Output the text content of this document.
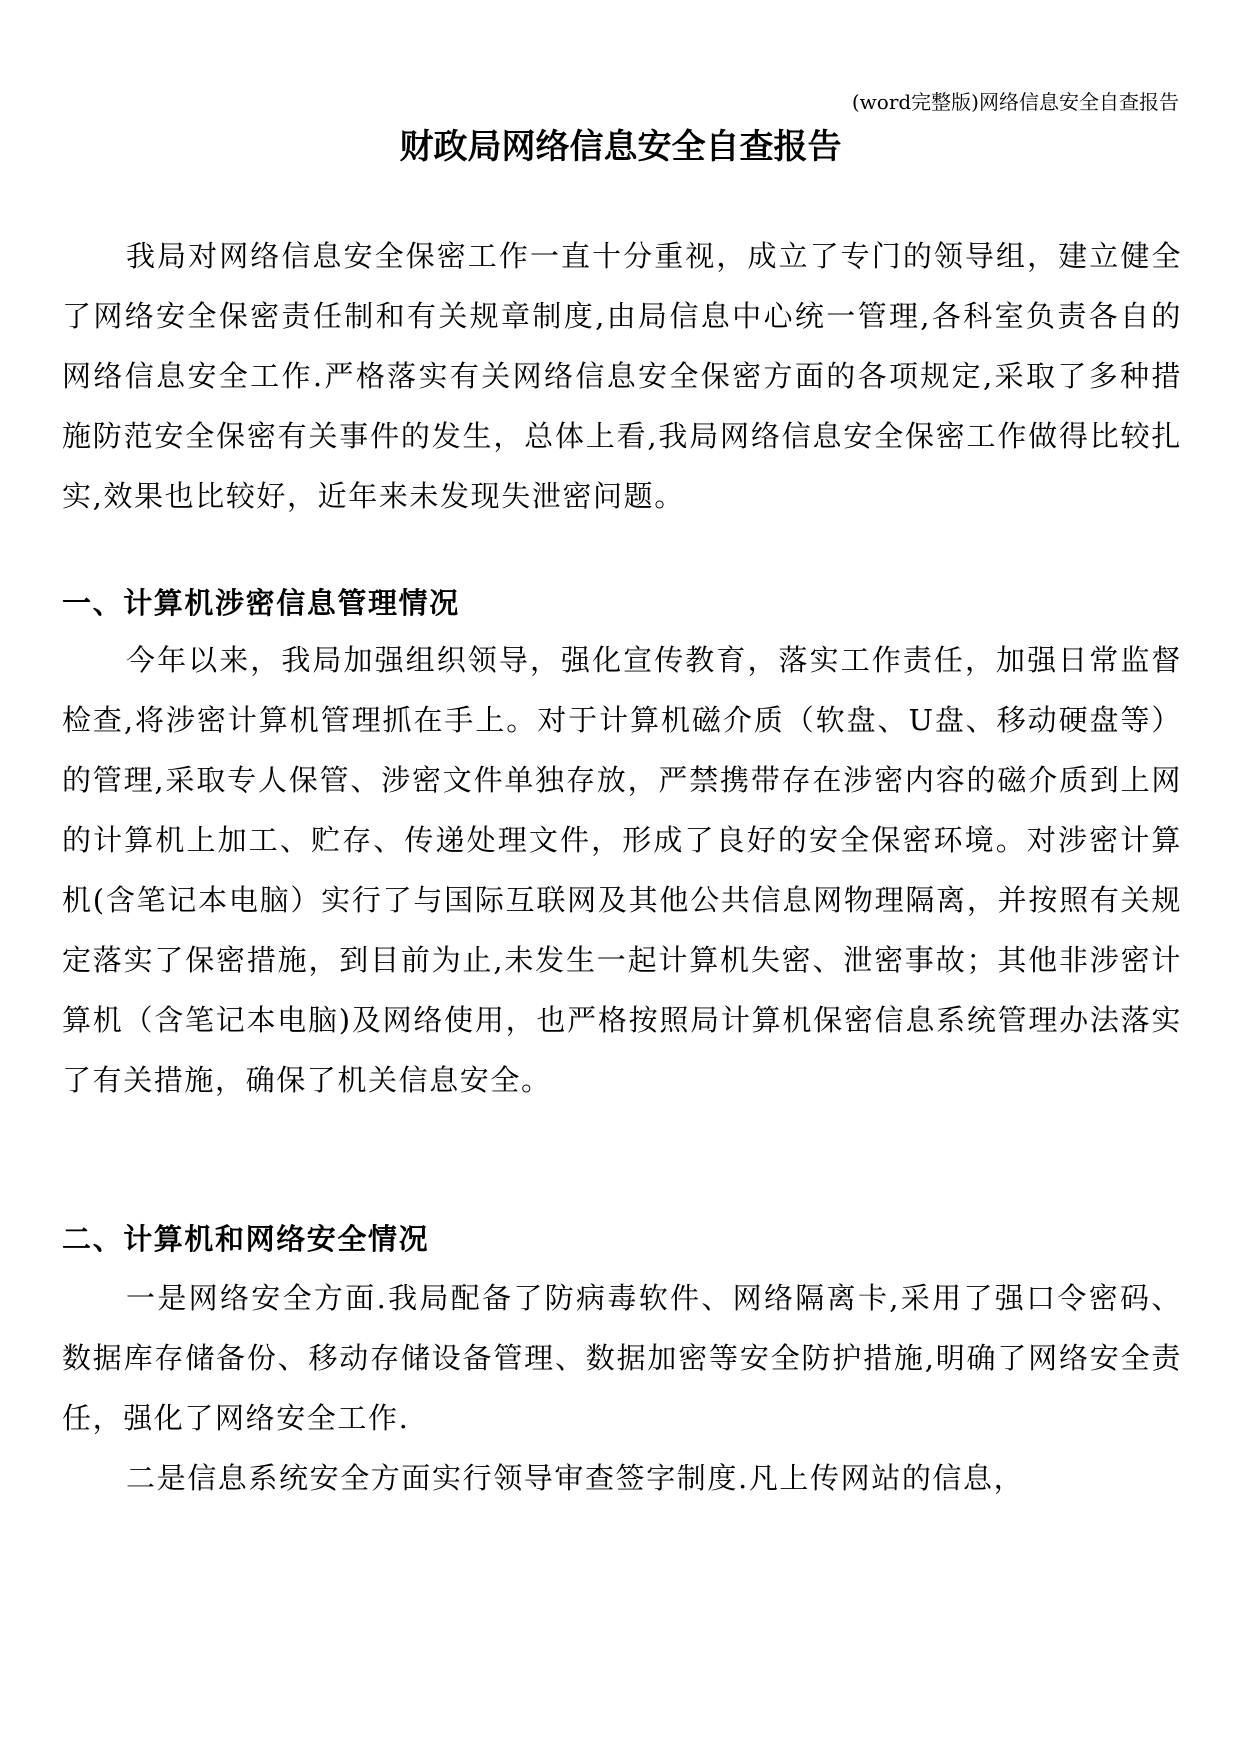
(word完整版)网络信息安全自查报告
财政局网络信息安全自查报告

我局对网络信息安全保密工作一直十分重视，成立了专门的领导组，建立健全了网络安全保密责任制和有关规章制度,由局信息中心统一管理,各科室负责各自的网络信息安全工作.严格落实有关网络信息安全保密方面的各项规定,采取了多种措施防范安全保密有关事件的发生，总体上看,我局网络信息安全保密工作做得比较扎实,效果也比较好，近年来未发现失泄密问题。

一、计算机涉密信息管理情况

今年以来，我局加强组织领导，强化宣传教育，落实工作责任，加强日常监督检查,将涉密计算机管理抓在手上。对于计算机磁介质（软盘、U盘、移动硬盘等）的管理,采取专人保管、涉密文件单独存放，严禁携带存在涉密内容的磁介质到上网的计算机上加工、贮存、传递处理文件，形成了良好的安全保密环境。对涉密计算机(含笔记本电脑）实行了与国际互联网及其他公共信息网物理隔离，并按照有关规定落实了保密措施，到目前为止,未发生一起计算机失密、泄密事故；其他非涉密计算机（含笔记本电脑)及网络使用，也严格按照局计算机保密信息系统管理办法落实了有关措施，确保了机关信息安全。

二、计算机和网络安全情况

一是网络安全方面.我局配备了防病毒软件、网络隔离卡,采用了强口令密码、数据库存储备份、移动存储设备管理、数据加密等安全防护措施,明确了网络安全责任，强化了网络安全工作.

二是信息系统安全方面实行领导审查签字制度.凡上传网站的信息，
